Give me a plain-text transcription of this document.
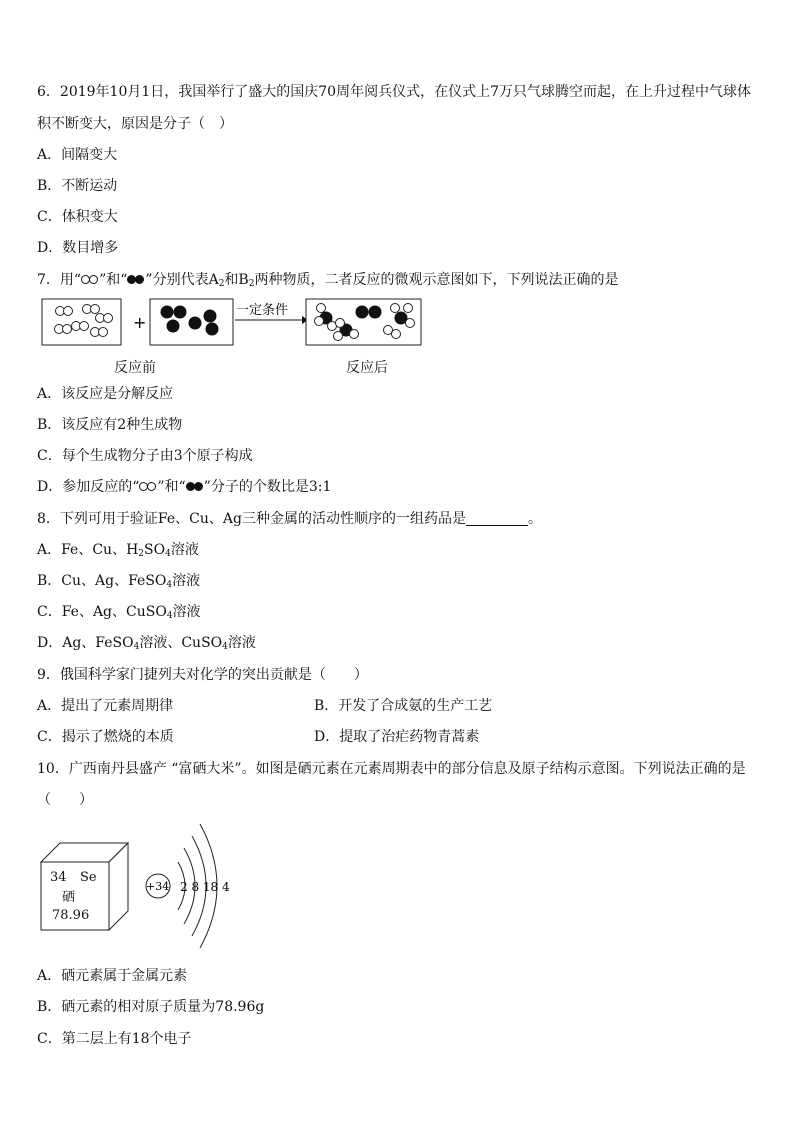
6．2019年10月1日，我国举行了盛大的国庆70周年阅兵仪式，在仪式上7万只气球腾空而起，在上升过程中气球体
积不断变大，原因是分子（　）
A．间隔变大
B．不断运动
C．体积变大
D．数目增多
7．用“ ”和“ ”分别代表$A_2$和$B_2$两种物质，二者反应的微观示意图如下，下列说法正确的是
+
一定条件
反应前	反应后
A．该反应是分解反应
B．该反应有2种生成物
C．每个生成物分子由3个原子构成
D．参加反应的“ ”和“ ”分子的个数比是3:1
8．下列可用于验证Fe、Cu、Ag三种金属的活动性顺序的一组药品是	。
A．Fe、Cu、$H_2SO_4$溶液
B．Cu、Ag、FeSO$_4$溶液
C．Fe、Ag、CuSO$_4$溶液
D．Ag、FeSO$_4$溶液、CuSO$_4$溶液
9．俄国科学家门捷列夫对化学的突出贡献是（　　）
A．提出了元素周期律	B．开发了合成氨的生产工艺
C．揭示了燃烧的本质	D．提取了治疟药物青蒿素
10．广西南丹县盛产 “富硒大米”。如图是硒元素在元素周期表中的部分信息及原子结构示意图。下列说法正确的是
（　　）
34 Se
硒
78.96
+34 2 8 18 4
A．硒元素属于金属元素
B．硒元素的相对原子质量为78.96g
C．第二层上有18个电子
